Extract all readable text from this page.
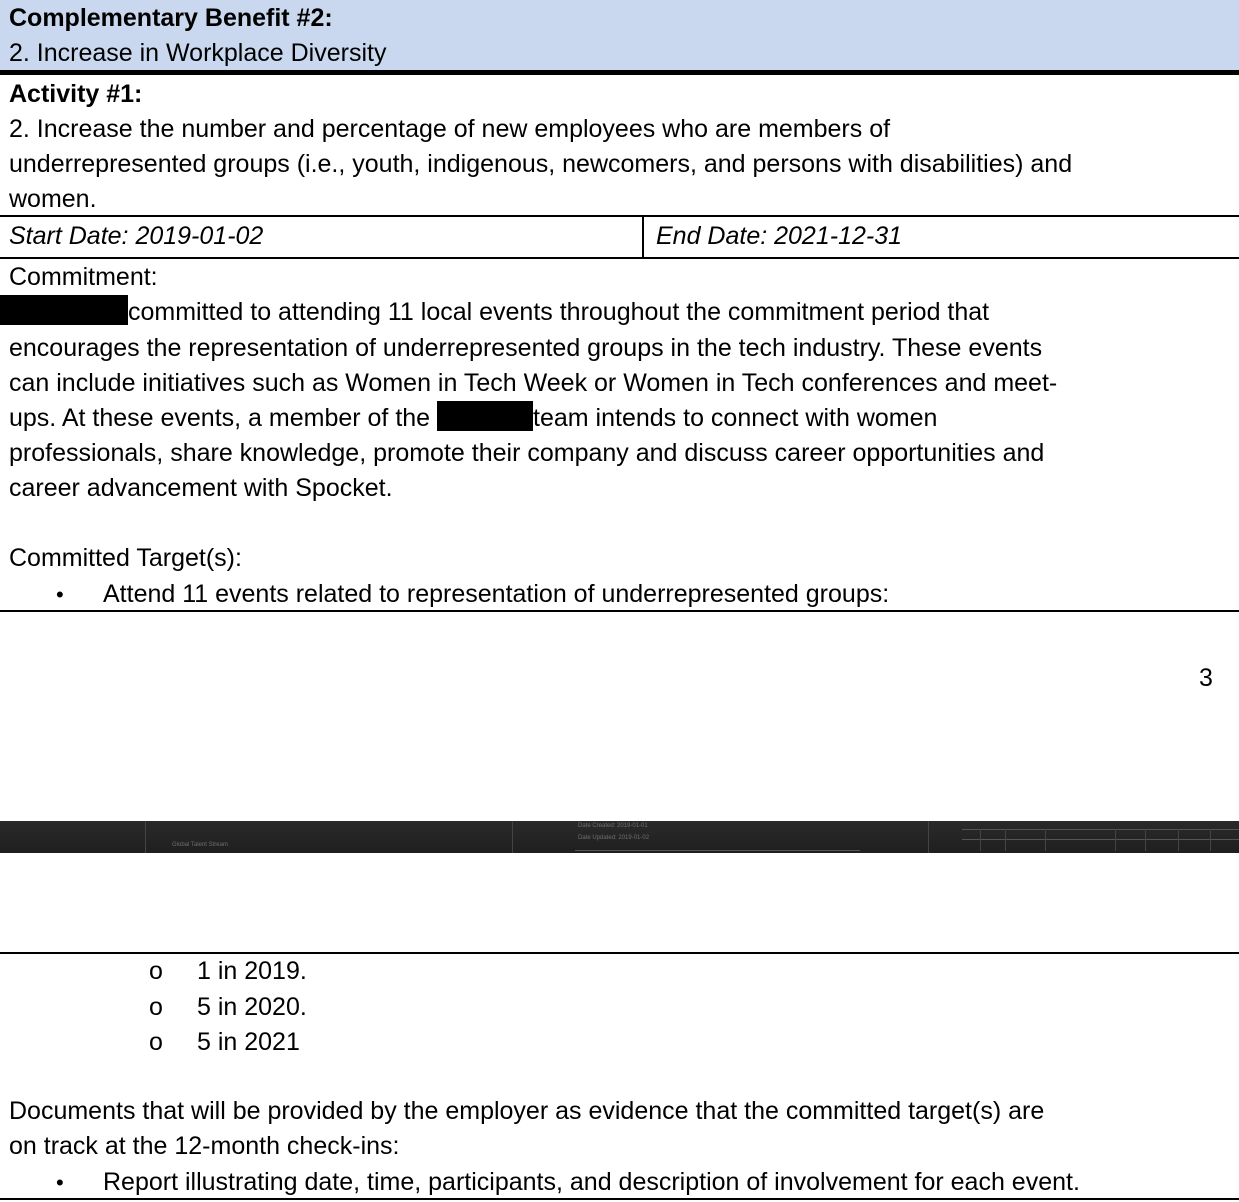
Complementary Benefit #2:
2. Increase in Workplace Diversity
Activity #1:
2. Increase the number and percentage of new employees who are members of
underrepresented groups (i.e., youth, indigenous, newcomers, and persons with disabilities) and
women.
Start Date: 2019-01-02	End Date: 2021-12-31
Commitment:
committed to attending 11 local events throughout the commitment period that
encourages the representation of underrepresented groups in the tech industry. These events
can include initiatives such as Women in Tech Week or Women in Tech conferences and meet-
ups. At these events, a member of the	team intends to connect with women
professionals, share knowledge, promote their company and discuss career opportunities and
career advancement with Spocket.
Committed Target(s):
• Attend 11 events related to representation of underrepresented groups:
3
Global Talent Stream
Date Created: 2019-01-01
Date Updated: 2019-01-02
o 1 in 2019.
o 5 in 2020.
o 5 in 2021
Documents that will be provided by the employer as evidence that the committed target(s) are
on track at the 12-month check-ins:
• Report illustrating date, time, participants, and description of involvement for each event.
